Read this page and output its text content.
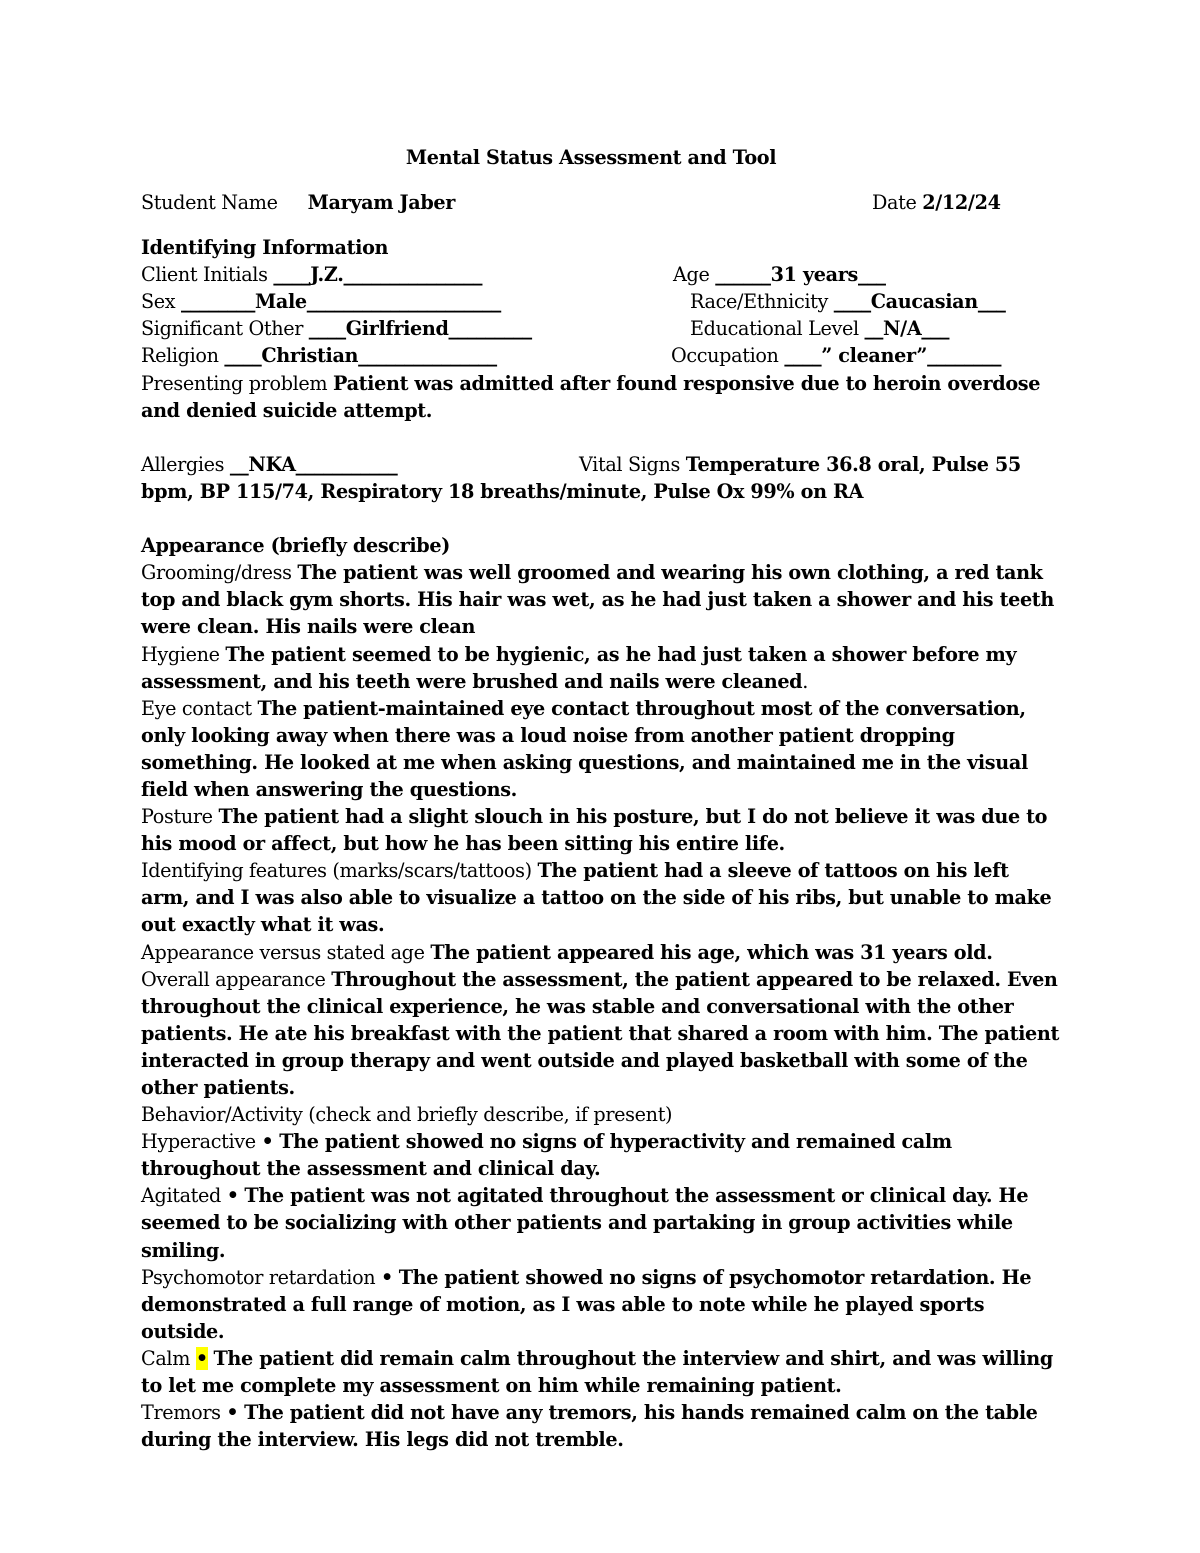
Mental Status Assessment and Tool
Student Name Maryam Jaber	Date 2/12/24
Identifying Information
Client Initials ____J.Z._______________	Age ______31 years___
Sex ________Male_____________________	Race/Ethnicity ____Caucasian___
Significant Other ____Girlfriend_________	Educational Level __N/A___
Religion ____Christian_______________	Occupation ____” cleaner”________
Presenting problem Patient was admitted after found responsive due to heroin overdose and denied suicide attempt.
Allergies __NKA___________	Vital Signs Temperature 36.8 oral, Pulse 55
bpm, BP 115/74, Respiratory 18 breaths/minute, Pulse Ox 99% on RA
Appearance (briefly describe)
Grooming/dress The patient was well groomed and wearing his own clothing, a red tank top and black gym shorts. His hair was wet, as he had just taken a shower and his teeth were clean. His nails were clean
Hygiene The patient seemed to be hygienic, as he had just taken a shower before my assessment, and his teeth were brushed and nails were cleaned.
Eye contact The patient-maintained eye contact throughout most of the conversation, only looking away when there was a loud noise from another patient dropping something. He looked at me when asking questions, and maintained me in the visual field when answering the questions.
Posture The patient had a slight slouch in his posture, but I do not believe it was due to his mood or affect, but how he has been sitting his entire life.
Identifying features (marks/scars/tattoos) The patient had a sleeve of tattoos on his left arm, and I was also able to visualize a tattoo on the side of his ribs, but unable to make out exactly what it was.
Appearance versus stated age The patient appeared his age, which was 31 years old.
Overall appearance Throughout the assessment, the patient appeared to be relaxed. Even throughout the clinical experience, he was stable and conversational with the other patients. He ate his breakfast with the patient that shared a room with him. The patient interacted in group therapy and went outside and played basketball with some of the other patients.
Behavior/Activity (check and briefly describe, if present)
Hyperactive • The patient showed no signs of hyperactivity and remained calm throughout the assessment and clinical day.
Agitated • The patient was not agitated throughout the assessment or clinical day. He seemed to be socializing with other patients and partaking in group activities while smiling.
Psychomotor retardation • The patient showed no signs of psychomotor retardation. He demonstrated a full range of motion, as I was able to note while he played sports outside.
Calm • The patient did remain calm throughout the interview and shirt, and was willing to let me complete my assessment on him while remaining patient.
Tremors • The patient did not have any tremors, his hands remained calm on the table during the interview. His legs did not tremble.
